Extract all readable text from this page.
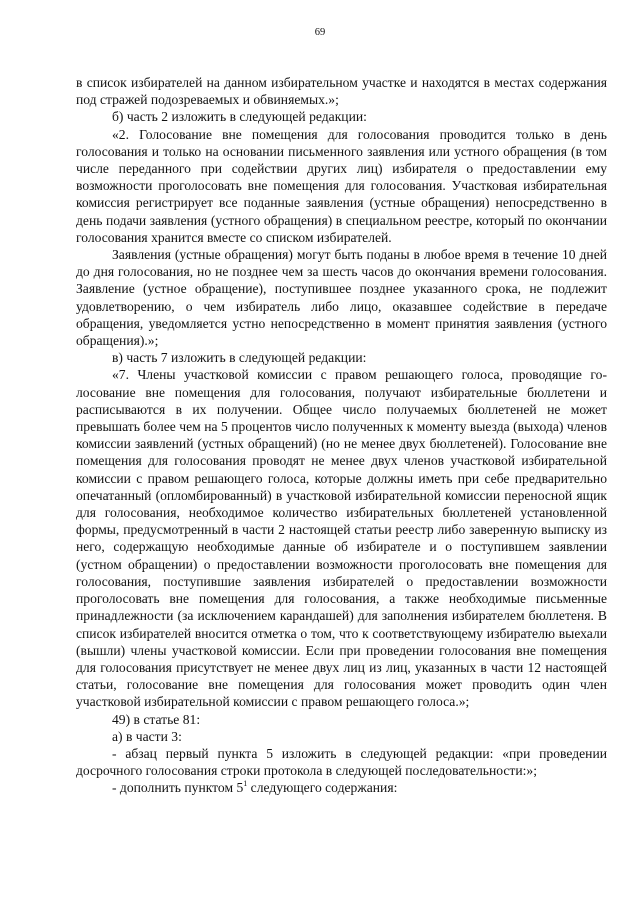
69

в список избирателей на данном избирательном участке и находятся в местах содержания под стражей подозреваемых и обвиняемых.»;

б) часть 2 изложить в следующей редакции:

«2. Голосование вне помещения для голосования проводится только в день голосования и только на основании письменного заявления или устного обращения (в том числе переданного при содействии других лиц) избирателя о предоставлении ему возможности проголосовать вне помещения для голосования. Участковая избирательная комиссия регистрирует все поданные заявления (устные обращения) непосредственно в день подачи заявления (устного обращения) в специальном реестре, который по окончании голосования хранится вместе со списком избирателей.

Заявления (устные обращения) могут быть поданы в любое время в течение 10 дней до дня голосования, но не позднее чем за шесть часов до окончания времени голосования. Заявление (устное обращение), поступившее позднее указанного срока, не подлежит удовлетворению, о чем избиратель либо лицо, оказавшее содействие в передаче обращения, уведомляется устно непосредственно в момент принятия заявления (устного обращения).»;

в) часть 7 изложить в следующей редакции:

«7. Члены участковой комиссии с правом решающего голоса, проводящие голосование вне помещения для голосования, получают избирательные бюллетени и расписываются в их получении. Общее число получаемых бюллетеней не может превышать более чем на 5 процентов число полученных к моменту выезда (выхода) членов комиссии заявлений (устных обращений) (но не менее двух бюллетеней). Голосование вне помещения для голосования проводят не менее двух членов участковой избирательной комиссии с правом решающего голоса, которые должны иметь при себе предварительно опечатанный (опломбированный) в участковой избирательной комиссии переносной ящик для голосования, необходимое количество избирательных бюллетеней установленной формы, предусмотренный в части 2 настоящей статьи реестр либо заверенную выписку из него, содержащую необходимые данные об избирателе и о поступившем заявлении (устном обращении) о предоставлении возможности проголосовать вне помещения для голосования, поступившие заявления избирателей о предоставлении возможности проголосовать вне помещения для голосования, а также необходимые письменные принадлежности (за исключением карандашей) для заполнения избирателем бюллетеня. В список избирателей вносится отметка о том, что к соответствующему избирателю выехали (вышли) члены участковой комиссии. Если при проведении голосования вне помещения для голосования присутствует не менее двух лиц из лиц, указанных в части 12 настоящей статьи, голосование вне помещения для голосования может проводить один член участковой избирательной комиссии с правом решающего голоса.»;

49) в статье 81:

а) в части 3:

- абзац первый пункта 5 изложить в следующей редакции: «при проведении досрочного голосования строки протокола в следующей последовательности:»;

- дополнить пунктом $5^1$ следующего содержания:
